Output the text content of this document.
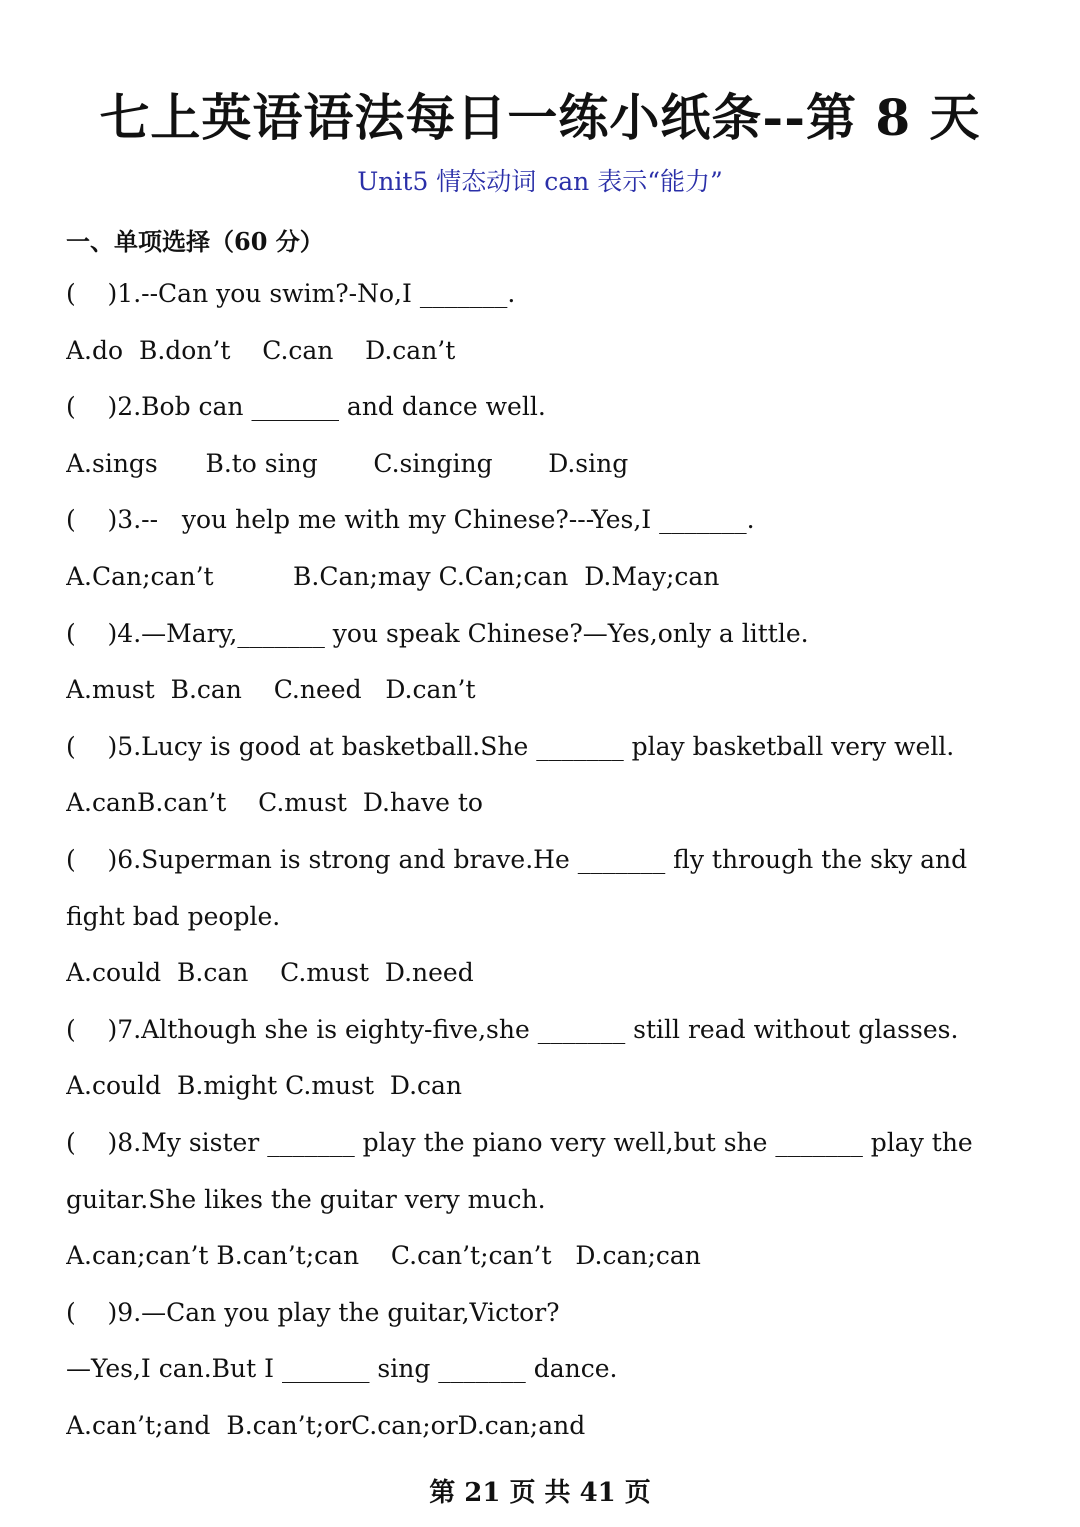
七上英语语法每日一练小纸条--第 8 天
Unit5 情态动词 can 表示“能力”
一、单项选择（60 分）
(    )1.--Can you swim?-No,I _______.
A.do  B.don’t    C.can    D.can’t
(    )2.Bob can _______ and dance well.
A.sings      B.to sing       C.singing       D.sing
(    )3.--   you help me with my Chinese?---Yes,I _______.
A.Can;can’t          B.Can;may C.Can;can  D.May;can
(    )4.—Mary,_______ you speak Chinese?—Yes,only a little.
A.must  B.can    C.need   D.can’t
(    )5.Lucy is good at basketball.She _______ play basketball very well.
A.canB.can’t    C.must  D.have to
(    )6.Superman is strong and brave.He _______ fly through the sky and
fight bad people.
A.could  B.can    C.must  D.need
(    )7.Although she is eighty-five,she _______ still read without glasses.
A.could  B.might C.must  D.can
(    )8.My sister _______ play the piano very well,but she _______ play the
guitar.She likes the guitar very much.
A.can;can’t B.can’t;can    C.can’t;can’t   D.can;can
(    )9.—Can you play the guitar,Victor?
—Yes,I can.But I _______ sing _______ dance.
A.can’t;and  B.can’t;orC.can;orD.can;and
第 21 页 共 41 页
